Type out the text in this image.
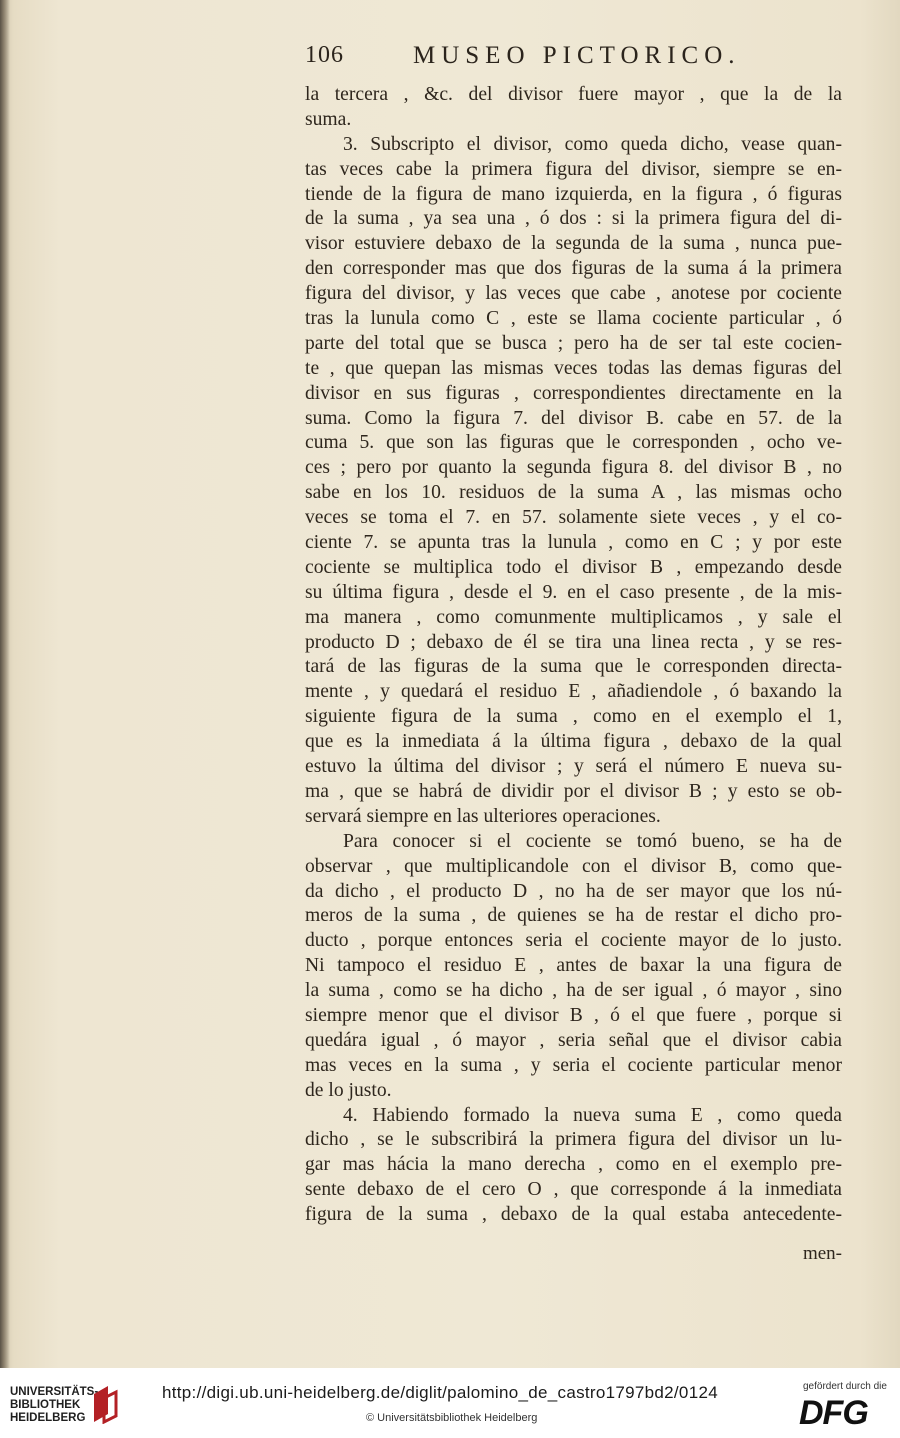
106	MUSEO PICTORICO.
la tercera , &c. del divisor fuere mayor , que la de la
suma.
3. Subscripto el divisor, como queda dicho, vease quan-
tas veces cabe la primera figura del divisor, siempre se en-
tiende de la figura de mano izquierda, en la figura , ó figuras
de la suma , ya sea una , ó dos : si la primera figura del di-
visor estuviere debaxo de la segunda de la suma , nunca pue-
den corresponder mas que dos figuras de la suma á la primera
figura del divisor, y las veces que cabe , anotese por cociente
tras la lunula como C , este se llama cociente particular , ó
parte del total que se busca ; pero ha de ser tal este cocien-
te , que quepan las mismas veces todas las demas figuras del
divisor en sus figuras , correspondientes directamente en la
suma. Como la figura 7. del divisor B. cabe en 57. de la
cuma 5. que son las figuras que le corresponden , ocho ve-
ces ; pero por quanto la segunda figura 8. del divisor B , no
sabe en los 10. residuos de la suma A , las mismas ocho
veces se toma el 7. en 57. solamente siete veces , y el co-
ciente 7. se apunta tras la lunula , como en C ; y por este
cociente se multiplica todo el divisor B , empezando desde
su última figura , desde el 9. en el caso presente , de la mis-
ma manera , como comunmente multiplicamos , y sale el
producto D ; debaxo de él se tira una linea recta , y se res-
tará de las figuras de la suma que le corresponden directa-
mente , y quedará el residuo E , añadiendole , ó baxando la
siguiente figura de la suma , como en el exemplo el 1,
que es la inmediata á la última figura , debaxo de la qual
estuvo la última del divisor ; y será el número E nueva su-
ma , que se habrá de dividir por el divisor B ; y esto se ob-
servará siempre en las ulteriores operaciones.
Para conocer si el cociente se tomó bueno, se ha de
observar , que multiplicandole con el divisor B, como que-
da dicho , el producto D , no ha de ser mayor que los nú-
meros de la suma , de quienes se ha de restar el dicho pro-
ducto , porque entonces seria el cociente mayor de lo justo.
Ni tampoco el residuo E , antes de baxar la una figura de
la suma , como se ha dicho , ha de ser igual , ó mayor , sino
siempre menor que el divisor B , ó el que fuere , porque si
quedára igual , ó mayor , seria señal que el divisor cabia
mas veces en la suma , y seria el cociente particular menor
de lo justo.
4. Habiendo formado la nueva suma E , como queda
dicho , se le subscribirá la primera figura del divisor un lu-
gar mas hácia la mano derecha , como en el exemplo pre-
sente debaxo de el cero O , que corresponde á la inmediata
figura de la suma , debaxo de la qual estaba antecedente-
men-
UNIVERSITÄTS-
BIBLIOTHEK
HEIDELBERG
http://digi.ub.uni-heidelberg.de/diglit/palomino_de_castro1797bd2/0124
© Universitätsbibliothek Heidelberg
gefördert durch die
DFG
